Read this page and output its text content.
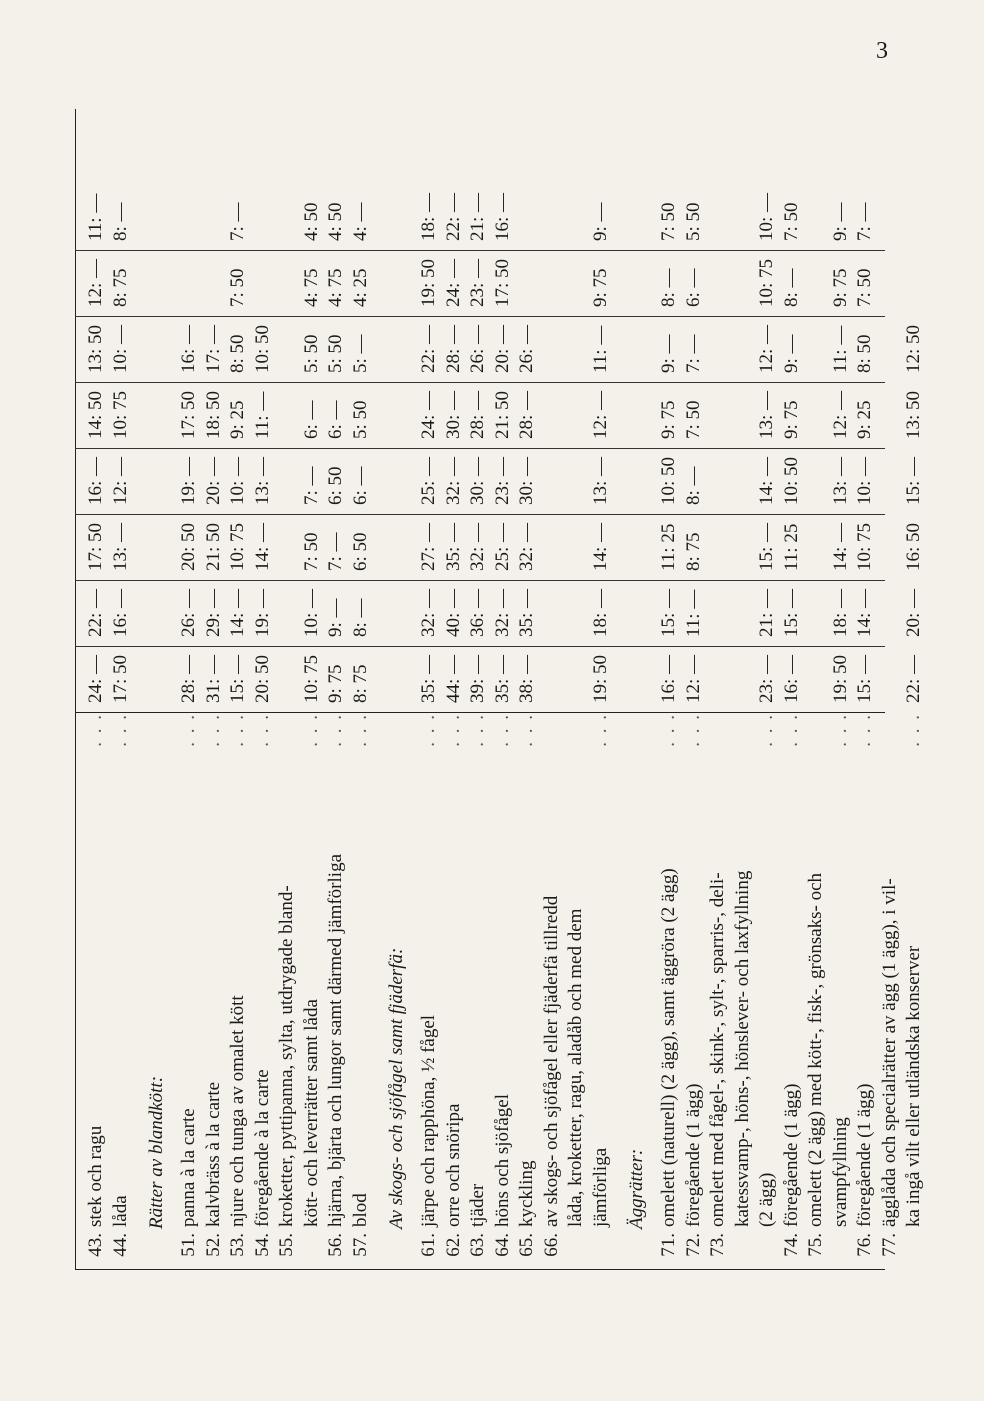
3
43.stek och ragu
. . .
24: —
22: —
17: 50
16: —
14: 50
13: 50
12: —
11: —
44.låda
. . .
17: 50
16: —
13: —
12: —
10: 75
10: —
8: 75
8: —
Rätter av blandkött:
51.panna à la carte
. . .
28: —
26: —
20: 50
19: —
17: 50
16: —
52.kalvbräss à la carte
. . .
31: —
29: —
21: 50
20: —
18: 50
17: —
53.njure och tunga av omalet kött
. . .
15: —
14: —
10: 75
10: —
9: 25
8: 50
7: 50
7: —
54.föregående à la carte
. . .
20: 50
19: —
14: —
13: —
11: —
10: 50
55.kroketter, pyttipanna, sylta, utdrygade bland- kött- och leverrätter samt låda
. . .
10: 75
10: —
7: 50
7: —
6: —
5: 50
4: 75
4: 50
56.hjärna, bjärta och lungor samt därmed jämförliga
. . .
9: 75
9: —
7: —
6: 50
6: —
5: 50
4: 75
4: 50
57.blod
. . .
8: 75
8: —
6: 50
6: —
5: 50
5: —
4: 25
4: —
Av skogs- och sjöfågel samt fjäderfä:
61.järpe och rapphöna, ½ fågel
. . .
35: —
32: —
27: —
25: —
24: —
22: —
19: 50
18: —
62.orre och snöripa
. . .
44: —
40: —
35: —
32: —
30: —
28: —
24: —
22: —
63.tjäder
. . .
39: —
36: —
32: —
30: —
28: —
26: —
23: —
21: —
64.höns och sjöfågel
. . .
35: —
32: —
25: —
23: —
21: 50
20: —
17: 50
16: —
65.kyckling
. . .
38: —
35: —
32: —
30: —
28: —
26: —
66.av skogs- och sjöfågel eller fjäderfä tillredd låda, kroketter, ragu, aladåb och med dem jämförliga
. . .
19: 50
18: —
14: —
13: —
12: —
11: —
9: 75
9: —
Äggrätter:
71.omelett (naturell) (2 ägg), samt äggröra (2 ägg)
. . .
16: —
15: —
11: 25
10: 50
9: 75
9: —
8: —
7: 50
72.föregående (1 ägg)
. . .
12: —
11: —
8: 75
8: —
7: 50
7: —
6: —
5: 50
73.omelett med fågel-, skink-, sylt-, sparris-, deli- katessvamp-, höns-, hönslever- och laxfyllning (2 ägg)
. . .
23: —
21: —
15: —
14: —
13: —
12: —
10: 75
10: —
74.föregående (1 ägg)
. . .
16: —
15: —
11: 25
10: 50
9: 75
9: —
8: —
7: 50
75.omelett (2 ägg) med kött-, fisk-, grönsaks- och svampfyllning
. . .
19: 50
18: —
14: —
13: —
12: —
11: —
9: 75
9: —
76.föregående (1 ägg)
. . .
15: —
14: —
10: 75
10: —
9: 25
8: 50
7: 50
7: —
77.ägglåda och specialrätter av ägg (1 ägg), i vil- ka ingå vilt eller utländska konserver
. . .
22: —
20: —
16: 50
15: —
13: 50
12: 50
